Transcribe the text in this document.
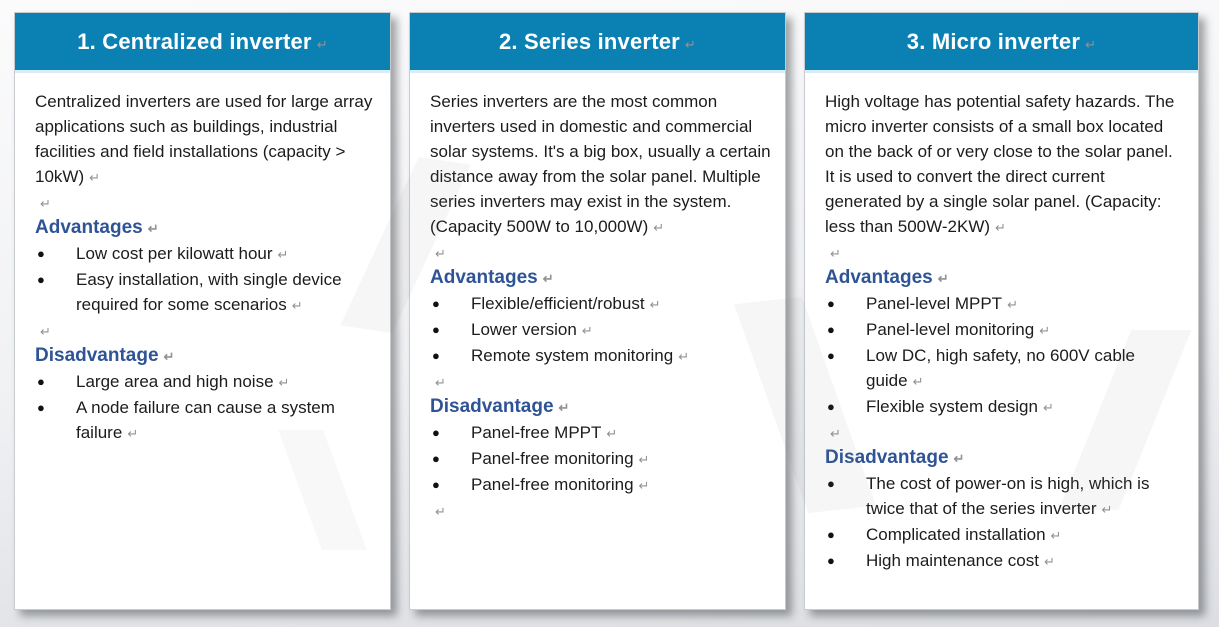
1. Centralized inverter ↵

Centralized inverters are used for large array applications such as buildings, industrial facilities and field installations (capacity > 10kW) ↵

↵
Advantages ↵
●	Low cost per kilowatt hour ↵
●	Easy installation, with single device required for some scenarios ↵
↵
Disadvantage ↵
●	Large area and high noise ↵
●	A node failure can cause a system failure ↵
2. Series inverter ↵

Series inverters are the most common inverters used in domestic and commercial solar systems. It's a big box, usually a certain distance away from the solar panel. Multiple series inverters may exist in the system. (Capacity 500W to 10,000W) ↵

↵
Advantages ↵
●	Flexible/efficient/robust ↵
●	Lower version ↵
●	Remote system monitoring ↵
↵
Disadvantage ↵
●	Panel-free MPPT ↵
●	Panel-free monitoring ↵
●	Panel-free monitoring ↵
↵
3. Micro inverter ↵

High voltage has potential safety hazards. The micro inverter consists of a small box located on the back of or very close to the solar panel. It is used to convert the direct current generated by a single solar panel. (Capacity: less than 500W-2KW) ↵

↵
Advantages ↵
●	Panel-level MPPT ↵
●	Panel-level monitoring ↵
●	Low DC, high safety, no 600V cable guide ↵
●	Flexible system design ↵
↵
Disadvantage ↵
●	The cost of power-on is high, which is twice that of the series inverter ↵
●	Complicated installation ↵
●	High maintenance cost ↵
